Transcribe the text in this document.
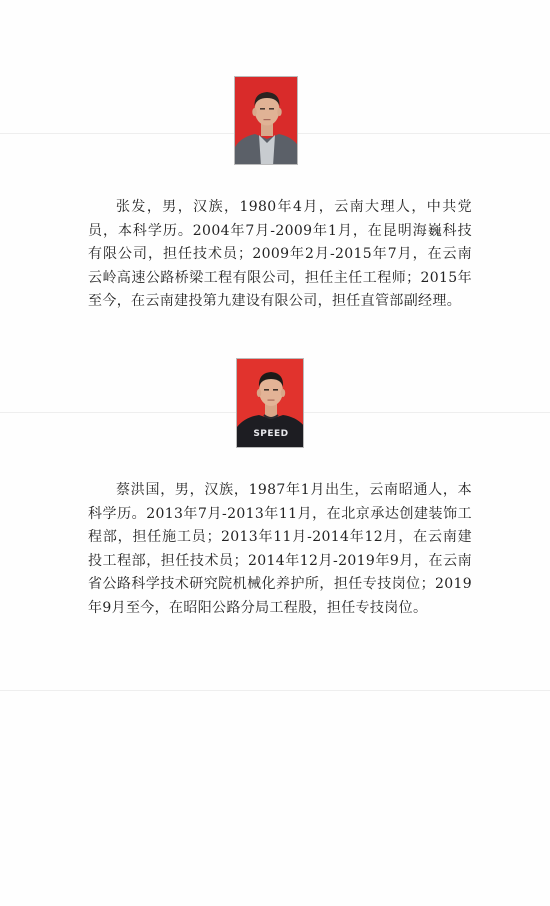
张发，男，汉族，1980年4月，云南大理人，中共党员，本科学历。2004年7月-2009年1月，在昆明海巍科技有限公司，担任技术员；2009年2月-2015年7月，在云南云岭高速公路桥梁工程有限公司，担任主任工程师；2015年至今，在云南建投第九建设有限公司，担任直管部副经理。

SPEED

蔡洪国，男，汉族，1987年1月出生，云南昭通人，本科学历。2013年7月-2013年11月，在北京承达创建装饰工程部，担任施工员；2013年11月-2014年12月，在云南建投工程部，担任技术员；2014年12月-2019年9月，在云南省公路科学技术研究院机械化养护所，担任专技岗位；2019年9月至今，在昭阳公路分局工程股，担任专技岗位。
